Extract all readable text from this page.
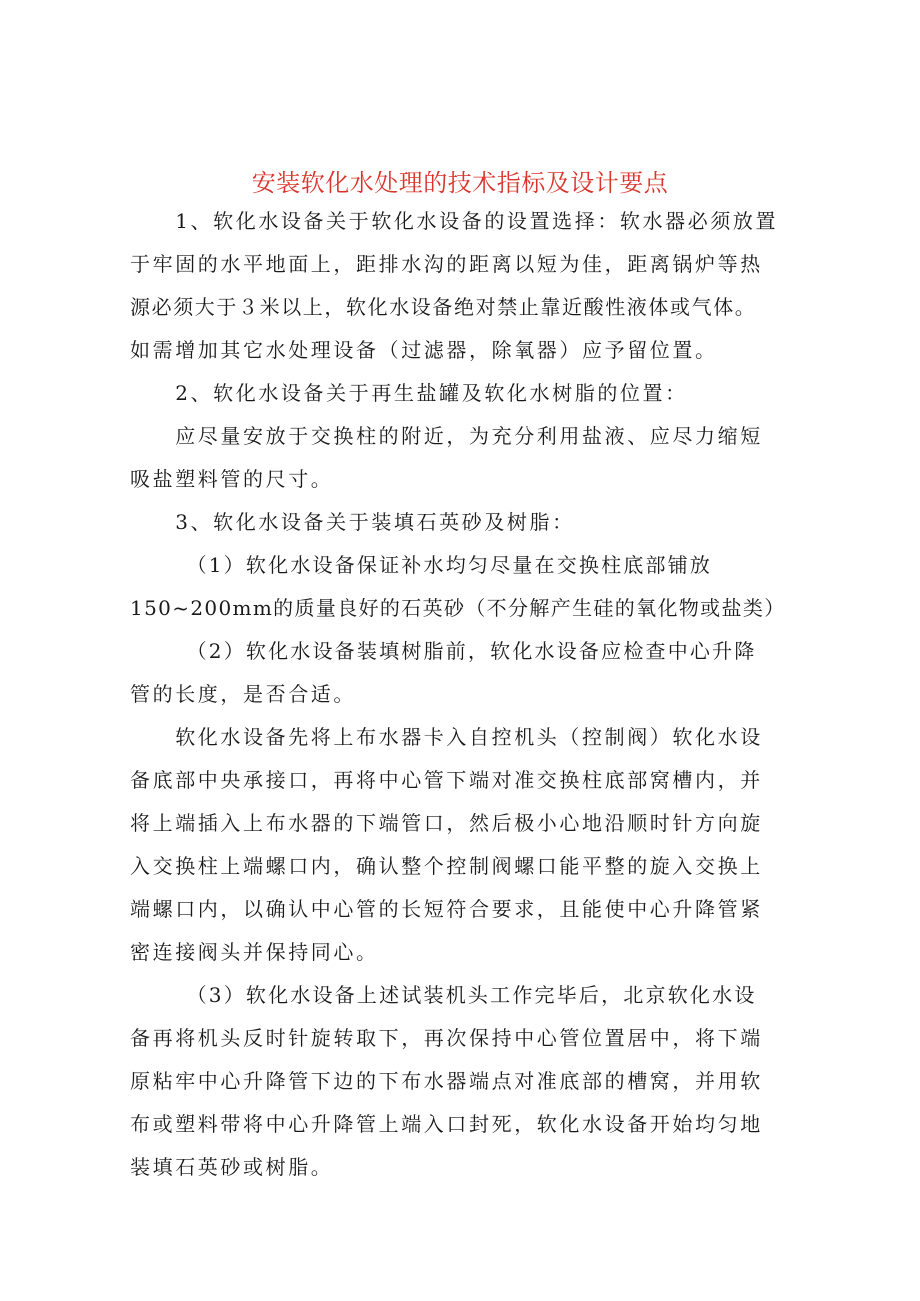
安装软化水处理的技术指标及设计要点
　　1、软化水设备关于软化水设备的设置选择：软水器必须放置
于牢固的水平地面上，距排水沟的距离以短为佳，距离锅炉等热
源必须大于３米以上，软化水设备绝对禁止靠近酸性液体或气体。
如需增加其它水处理设备（过滤器，除氧器）应予留位置。
　　2、软化水设备关于再生盐罐及软化水树脂的位置：
　　应尽量安放于交换柱的附近，为充分利用盐液、应尽力缩短
吸盐塑料管的尺寸。
　　3、软化水设备关于装填石英砂及树脂：
　　　（1）软化水设备保证补水均匀尽量在交换柱底部铺放
150~200mm的质量良好的石英砂（不分解产生硅的氧化物或盐类）
　　　（2）软化水设备装填树脂前，软化水设备应检查中心升降
管的长度，是否合适。
　　软化水设备先将上布水器卡入自控机头（控制阀）软化水设
备底部中央承接口，再将中心管下端对准交换柱底部窝槽内，并
将上端插入上布水器的下端管口，然后极小心地沿顺时针方向旋
入交换柱上端螺口内，确认整个控制阀螺口能平整的旋入交换上
端螺口内，以确认中心管的长短符合要求，且能使中心升降管紧
密连接阀头并保持同心。
　　　（3）软化水设备上述试装机头工作完毕后，北京软化水设
备再将机头反时针旋转取下，再次保持中心管位置居中，将下端
原粘牢中心升降管下边的下布水器端点对准底部的槽窝，并用软
布或塑料带将中心升降管上端入口封死，软化水设备开始均匀地
装填石英砂或树脂。
